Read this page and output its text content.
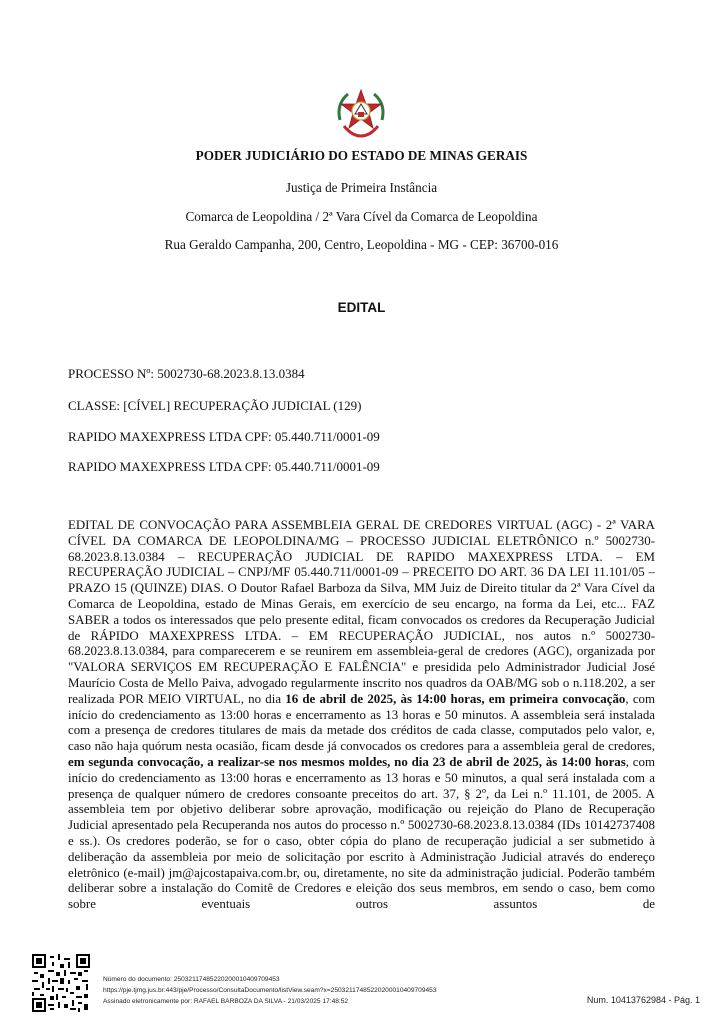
PODER JUDICIÁRIO DO ESTADO DE MINAS GERAIS
Justiça de Primeira Instância
Comarca de Leopoldina / 2ª Vara Cível da Comarca de Leopoldina
Rua Geraldo Campanha, 200, Centro, Leopoldina - MG - CEP: 36700-016
EDITAL
PROCESSO Nº: 5002730-68.2023.8.13.0384
CLASSE: [CÍVEL] RECUPERAÇÃO JUDICIAL (129)
RAPIDO MAXEXPRESS LTDA CPF: 05.440.711/0001-09
RAPIDO MAXEXPRESS LTDA CPF: 05.440.711/0001-09
EDITAL DE CONVOCAÇÃO PARA ASSEMBLEIA GERAL DE CREDORES VIRTUAL (AGC) - 2ª VARA CÍVEL DA COMARCA DE LEOPOLDINA/MG – PROCESSO JUDICIAL ELETRÔNICO n.º 5002730-68.2023.8.13.0384 – RECUPERAÇÃO JUDICIAL DE RAPIDO MAXEXPRESS LTDA. – EM RECUPERAÇÃO JUDICIAL – CNPJ/MF 05.440.711/0001-09 – PRECEITO DO ART. 36 DA LEI 11.101/05 – PRAZO 15 (QUINZE) DIAS. O Doutor Rafael Barboza da Silva, MM Juiz de Direito titular da 2ª Vara Cível da Comarca de Leopoldina, estado de Minas Gerais, em exercício de seu encargo, na forma da Lei, etc... FAZ SABER a todos os interessados que pelo presente edital, ficam convocados os credores da Recuperação Judicial de RÁPIDO MAXEXPRESS LTDA. – EM RECUPERAÇÃO JUDICIAL, nos autos n.º 5002730-68.2023.8.13.0384, para comparecerem e se reunirem em assembleia-geral de credores (AGC), organizada por "VALORA SERVIÇOS EM RECUPERAÇÃO E FALÊNCIA" e presidida pelo Administrador Judicial José Maurício Costa de Mello Paiva, advogado regularmente inscrito nos quadros da OAB/MG sob o n.118.202, a ser realizada POR MEIO VIRTUAL, no dia 16 de abril de 2025, às 14:00 horas, em primeira convocação, com início do credenciamento as 13:00 horas e encerramento as 13 horas e 50 minutos. A assembleia será instalada com a presença de credores titulares de mais da metade dos créditos de cada classe, computados pelo valor, e, caso não haja quórum nesta ocasião, ficam desde já convocados os credores para a assembleia geral de credores, em segunda convocação, a realizar-se nos mesmos moldes, no dia 23 de abril de 2025, às 14:00 horas, com início do credenciamento as 13:00 horas e encerramento as 13 horas e 50 minutos, a qual será instalada com a presença de qualquer número de credores consoante preceitos do art. 37, § 2º, da Lei n.º 11.101, de 2005. A assembleia tem por objetivo deliberar sobre aprovação, modificação ou rejeição do Plano de Recuperação Judicial apresentado pela Recuperanda nos autos do processo n.º 5002730-68.2023.8.13.0384 (IDs 10142737408 e ss.). Os credores poderão, se for o caso, obter cópia do plano de recuperação judicial a ser submetido à deliberação da assembleia por meio de solicitação por escrito à Administração Judicial através do endereço eletrônico (e-mail) jm@ajcostapaiva.com.br, ou, diretamente, no site da administração judicial. Poderão também deliberar sobre a instalação do Comitê de Credores e eleição dos seus membros, em sendo o caso, bem como sobre eventuais outros assuntos de
Número do documento: 25032117485220200010409709453
https://pje.tjmg.jus.br:443/pje/Processo/ConsultaDocumento/listView.seam?x=25032117485220200010409709453
Assinado eletronicamente por: RAFAEL BARBOZA DA SILVA - 21/03/2025 17:48:52	Num. 10413762984 - Pág. 1
